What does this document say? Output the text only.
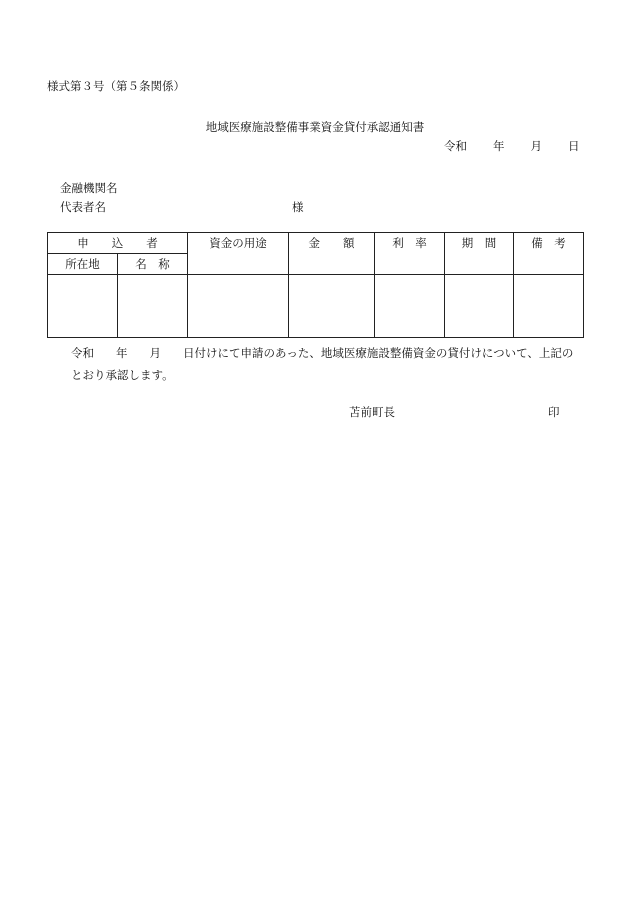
様式第３号（第５条関係）
地域医療施設整備事業資金貸付承認通知書
令和 年 月 日
金融機関名
代表者名	様
申　　込　　者		資金の用途	金　　額	利　率	期　間	備　考
所在地	名　称					

令和 年 月 日付けにて申請のあった、地域医療施設整備資金の貸付けについて、上記の
とおり承認します。
苫前町長	印
